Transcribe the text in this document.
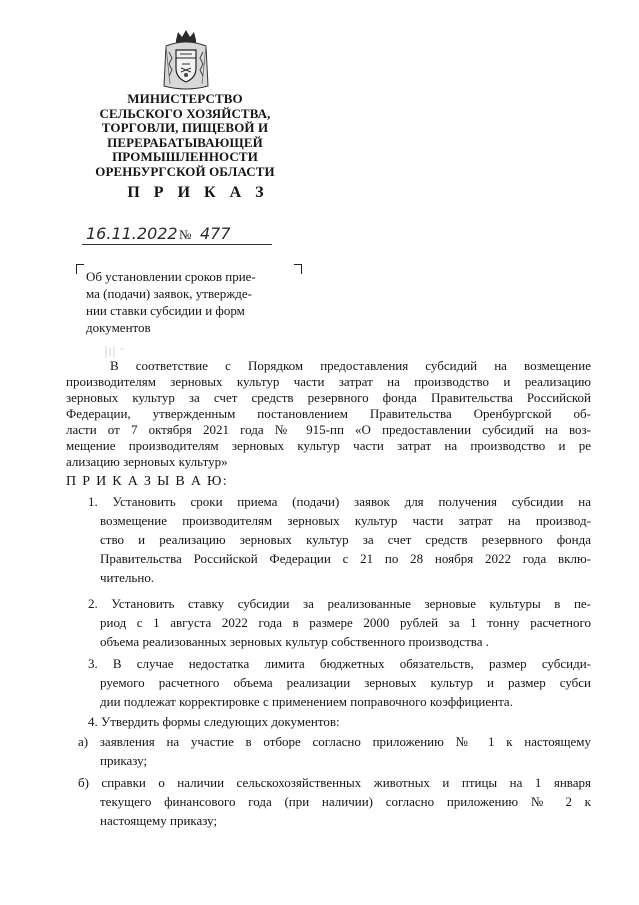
МИНИСТЕРСТВО
СЕЛЬСКОГО ХОЗЯЙСТВА,
ТОРГОВЛИ, ПИЩЕВОЙ И
ПЕРЕРАБАТЫВАЮЩЕЙ
ПРОМЫШЛЕННОСТИ
ОРЕНБУРГСКОЙ ОБЛАСТИ
П Р И К А З
16.11.2022 № 477
Об установлении сроков прие-
ма (подачи) заявок, утвержде-
нии ставки субсидии и форм
документов
В соответствие с Порядком предоставления субсидий на возмещение
производителям зерновых культур части затрат на производство и реализацию
зерновых культур за счет средств резервного фонда Правительства Российской
Федерации, утвержденным постановлением Правительства Оренбургской об-
ласти от 7 октября 2021 года № 915-пп «О предоставлении субсидий на воз-
мещение производителям зерновых культур части затрат на производство и ре
ализацию зерновых культур»
П Р И К А З Ы В А Ю:
1. Установить сроки приема (подачи) заявок для получения субсидии на
возмещение производителям зерновых культур части затрат на производ-
ство и реализацию зерновых культур за счет средств резервного фонда
Правительства Российской Федерации с 21 по 28 ноября 2022 года вклю-
чительно.
2. Установить ставку субсидии за реализованные зерновые культуры в пе-
риод с 1 августа 2022 года в размере 2000 рублей за 1 тонну расчетного
объема реализованных зерновых культур собственного производства .
3. В случае недостатка лимита бюджетных обязательств, размер субсиди-
руемого расчетного объема реализации зерновых культур и размер субси
дии подлежат корректировке с применением поправочного коэффициента.
4. Утвердить формы следующих документов:
а) заявления на участие в отборе согласно приложению № 1 к настоящему
приказу;
б) справки о наличии сельскохозяйственных животных и птицы на 1 января
текущего финансового года (при наличии) согласно приложению № 2 к
настоящему приказу;
